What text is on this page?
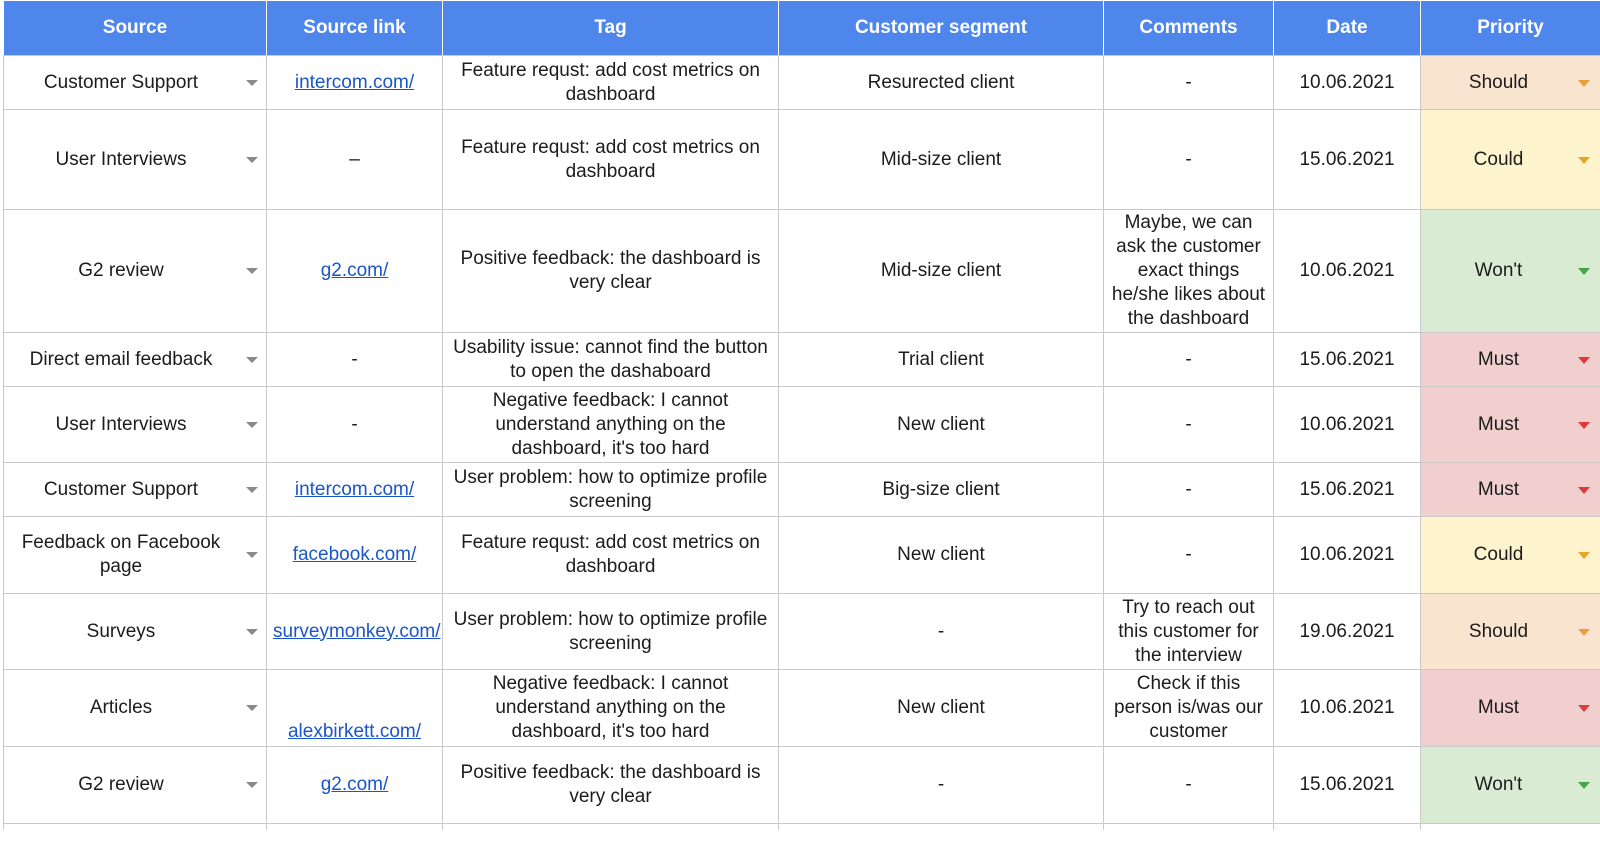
Source	Source link	Tag	Customer segment	Comments	Date	Priority
Customer Support	intercom.com/	Feature requst: add cost metrics on dashboard	Resurected client	-	10.06.2021	Should

User Interviews	–	Feature requst: add cost metrics on dashboard	Mid-size client	-	15.06.2021	Could

G2 review	g2.com/	Positive feedback: the dashboard is very clear	Mid-size client	Maybe, we can ask the customer exact things he/she likes about the dashboard	10.06.2021	Won't

Direct email feedback	-	Usability issue: cannot find the button to open the dashaboard	Trial client	-	15.06.2021	Must

User Interviews	-	Negative feedback: I cannot understand anything on the dashboard, it's too hard	New client	-	10.06.2021	Must

Customer Support	intercom.com/	User problem: how to optimize profile screening	Big-size client	-	15.06.2021	Must

Feedback on Facebook page	facebook.com/	Feature requst: add cost metrics on dashboard	New client	-	10.06.2021	Could

Surveys	surveymonkey.com/	User problem: how to optimize profile screening	-	Try to reach out this customer for the interview	19.06.2021	Should

Articles	alexbirkett.com/	Negative feedback: I cannot understand anything on the dashboard, it's too hard	New client	Check if this person is/was our customer	10.06.2021	Must

G2 review	g2.com/	Positive feedback: the dashboard is very clear	-	-	15.06.2021	Won't
